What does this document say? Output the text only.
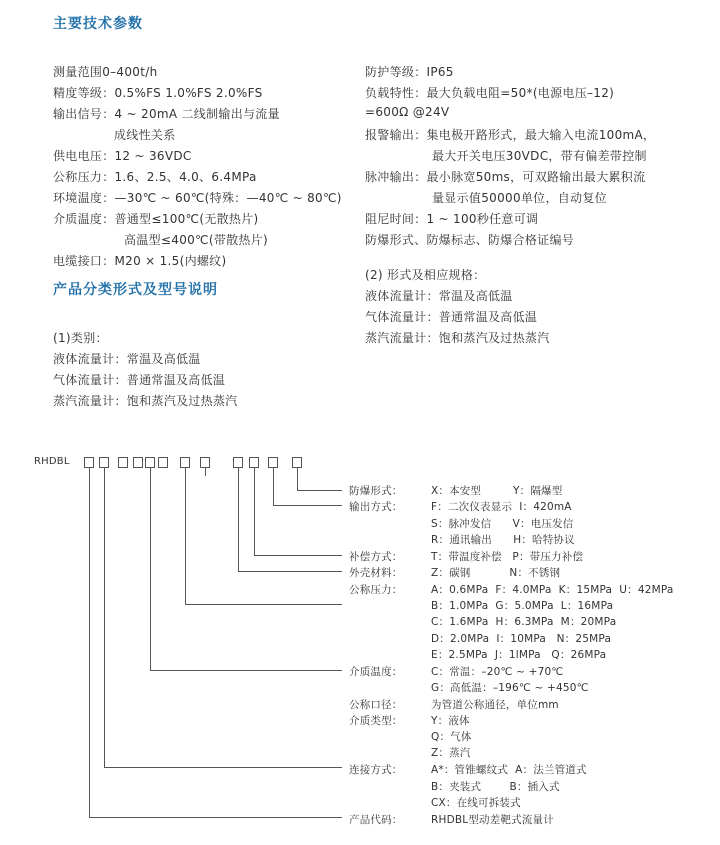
主要技术参数
测量范围0–400t/h
精度等级：0.5%FS 1.0%FS 2.0%FS
输出信号：4 ~ 20mA 二线制输出与流量
成线性关系
供电电压：12 ~ 36VDC
公称压力：1.6、2.5、4.0、6.4MPa
环境温度：—30℃ ~ 60℃(特殊：—40℃ ~ 80℃)
介质温度：普通型≤100℃(无散热片)
高温型≤400℃(带散热片)
电缆接口：M20 × 1.5(内螺纹)
产品分类形式及型号说明
(1)类别：
液体流量计：常温及高低温
气体流量计：普通常温及高低温
蒸汽流量计：饱和蒸汽及过热蒸汽
防护等级：IP65
负载特性：最大负载电阻=50*(电源电压–12)
=600Ω @24V
报警输出：集电极开路形式，最大输入电流100mA，
最大开关电压30VDC，带有偏差带控制
脉冲输出：最小脉宽50ms，可双路输出最大累积流
量显示值50000单位，自动复位
阻尼时间：1 ~ 100秒任意可调
防爆形式、防爆标志、防爆合格证编号
(2) 形式及相应规格：
液体流量计：常温及高低温
气体流量计：普通常温及高低温
蒸汽流量计：饱和蒸汽及过热蒸汽
RHDBL
防爆形式：
输出方式：
补偿方式：
外壳材料：
公称压力：
介质温度：
公称口径：
介质类型：
连接方式：
产品代码：
X：本安型         Y：隔爆型
F：二次仪表显示  I：420mA
S：脉冲发信      V：电压发信
R：通讯输出      H：哈特协议
T：带温度补偿   P：带压力补偿
Z：碳钢           N：不锈钢
A：0.6MPa  F：4.0MPa  K：15MPa  U：42MPa
B：1.0MPa  G：5.0MPa  L：16MPa
C：1.6MPa  H：6.3MPa  M：20MPa
D：2.0MPa  I：10MPa   N：25MPa
E：2.5MPa  J：1lMPa   Q：26MPa
C：常温：–20℃ ~ +70℃
G：高低温：–196℃ ~ +450℃
为管道公称通径，单位mm
Y：液体
Q：气体
Z：蒸汽
A*：管锥螺纹式  A：法兰管道式
B：夹装式        B：插入式
CX：在线可拆装式
RHDBL型动差靶式流量计
